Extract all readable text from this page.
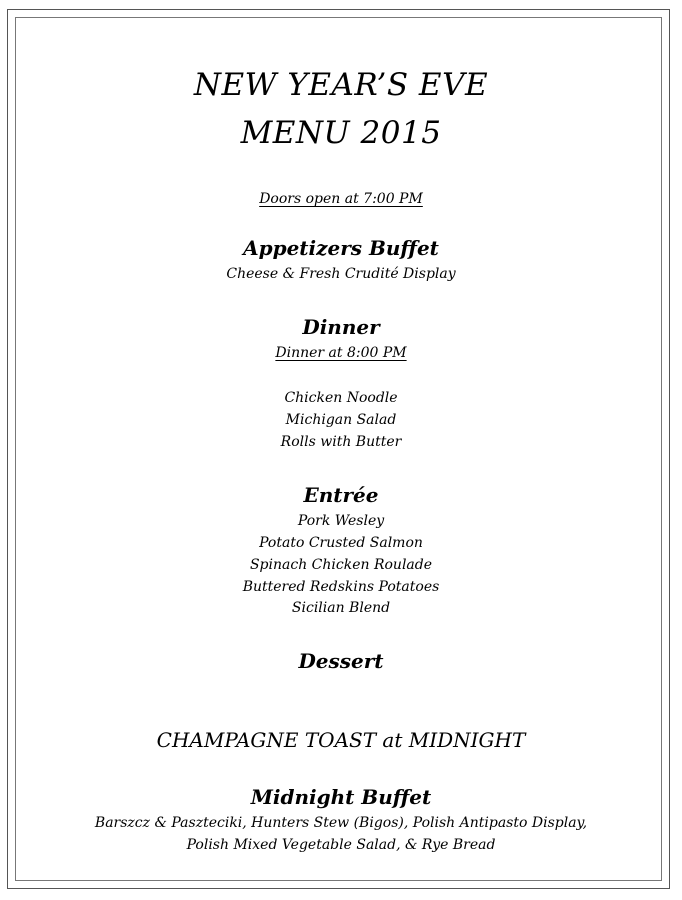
NEW YEAR’S EVE
MENU 2015
Doors open at 7:00 PM
Appetizers Buffet
Cheese & Fresh Crudité Display
Dinner
Dinner at 8:00 PM
Chicken Noodle
Michigan Salad
Rolls with Butter
Entrée
Pork Wesley
Potato Crusted Salmon
Spinach Chicken Roulade
Buttered Redskins Potatoes
Sicilian Blend
Dessert
CHAMPAGNE TOAST at MIDNIGHT
Midnight Buffet
Barszcz & Paszteciki, Hunters Stew (Bigos), Polish Antipasto Display,
Polish Mixed Vegetable Salad, & Rye Bread
